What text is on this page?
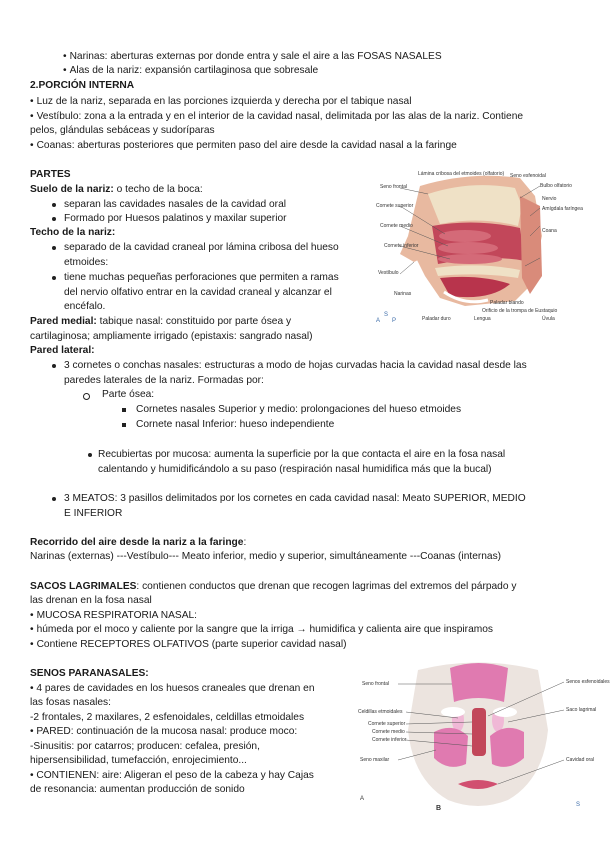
• Narinas: aberturas externas por donde entra y sale el aire a las FOSAS NASALES

• Alas de la nariz: expansión cartilaginosa que sobresale

2.PORCIÓN INTERNA

• Luz de la nariz, separada en las porciones izquierda y derecha por el tabique nasal

• Vestíbulo: zona a la entrada y en el interior de la cavidad nasal, delimitada por las alas de la nariz. Contiene

pelos, glándulas sebáceas y sudoríparas

• Coanas: aberturas posteriores que permiten paso del aire desde la cavidad nasal a la faringe

PARTES

Suelo de la nariz: o techo de la boca:

separan las cavidades nasales de la cavidad oral

Formado por Huesos palatinos y maxilar superior

Techo de la nariz:

separado de la cavidad craneal por lámina cribosa del hueso

etmoides:

tiene muchas pequeñas perforaciones que permiten a ramas

del nervio olfativo entrar en la cavidad craneal y alcanzar el

encéfalo.

Pared medial: tabique nasal: constituido por parte ósea y

cartilaginosa; ampliamente irrigado (epistaxis: sangrado nasal)

Pared lateral:

3 cornetes o conchas nasales: estructuras a modo de hojas curvadas hacia la cavidad nasal desde las

paredes laterales de la nariz. Formadas por:

Parte ósea:

Cornetes nasales Superior y medio: prolongaciones del hueso etmoides

Cornete nasal Inferior: hueso independiente

Recubiertas por mucosa: aumenta la superficie por la que contacta el aire en la fosa nasal

calentando y humidificándolo a su paso (respiración nasal humidifica más que la bucal)

3 MEATOS: 3 pasillos delimitados por los cornetes en cada cavidad nasal: Meato SUPERIOR, MEDIO

E INFERIOR

Recorrido del aire desde la nariz a la faringe:

Narinas (externas) ---Vestíbulo--- Meato inferior, medio y superior, simultáneamente ---Coanas (internas)

SACOS LAGRIMALES: contienen conductos que drenan que recogen lagrimas del extremos del párpado y

las drenan en la fosa nasal

• MUCOSA RESPIRATORIA NASAL:

• húmeda por el moco y caliente por la sangre que la irriga → humidifica y calienta aire que inspiramos

• Contiene RECEPTORES OLFATIVOS (parte superior cavidad nasal)

SENOS PARANASALES:

• 4 pares de cavidades en los huesos craneales que drenan en

las fosas nasales:

-2 frontales, 2 maxilares, 2 esfenoidales, celdillas etmoidales

• PARED: continuación de la mucosa nasal: produce moco:

-Sinusitis: por catarros; producen: cefalea, presión,

hipersensibilidad, tumefacción, enrojecimiento...

• CONTIENEN: aire: Aligeran el peso de la cabeza y hay Cajas

de resonancia: aumentan producción de sonido

S
A P
Lámina cribosa del etmoides (olfatorio) Seno esfenoidal
Seno frontal
Cornete superior
Cornete medio
Cornete inferior
Vestíbulo
Narinas
Bulbo olfatorio
Nervio
Amígdala faríngea
Coana
Paladar duro
Paladar blando
Lengua	Úvula
Orificio de la trompa de Eustaquio
S
Seno frontal
Celdillas etmoidales
Cornete superior
Cornete medio
Cornete inferior
Seno maxilar
Senos esfenoidales
Saco lagrimal
Cavidad oral
A
B
